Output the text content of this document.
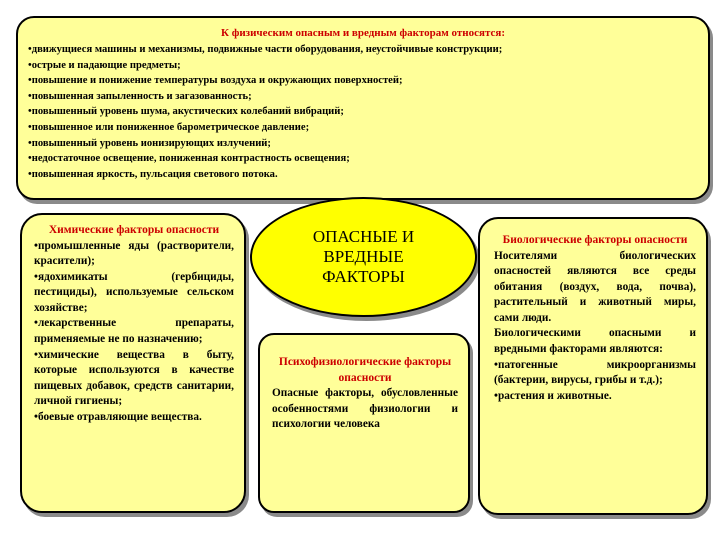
К физическим опасным и вредным факторам относятся:
•движущиеся машины и механизмы, подвижные части оборудования, неустойчивые конструкции;
•острые и падающие предметы;
•повышение и понижение температуры воздуха и окружающих поверхностей;
•повышенная запыленность и загазованность;
•повышенный уровень шума, акустических колебаний вибраций;
•повышенное или пониженное барометрическое давление;
•повышенный уровень ионизирующих излучений;
•недостаточное освещение, пониженная контрастность освещения;
•повышенная яркость, пульсация светового потока.
ОПАСНЫЕ И
ВРЕДНЫЕ
ФАКТОРЫ
Химические факторы опасности

•промышленные яды (растворители, красители);

•ядохимикаты (гербициды, пестициды), используемые сельском хозяйстве;

•лекарственные препараты, применяемые не по назначению;

•химические вещества в быту, которые используются в качестве пищевых добавок, средств санитарии, личной гигиены;

•боевые отравляющие вещества.

Психофизиологические факторы опасности

Опасные факторы, обусловленные особенностями физиологии и психологии человека

Биологические факторы опасности

Носителями биологических опасностей являются все среды обитания (воздух, вода, почва), растительный и животный миры, сами люди.

Биологическими опасными и вредными факторами являются:

•патогенные микроорганизмы (бактерии, вирусы, грибы и т.д.);
•растения и животные.
